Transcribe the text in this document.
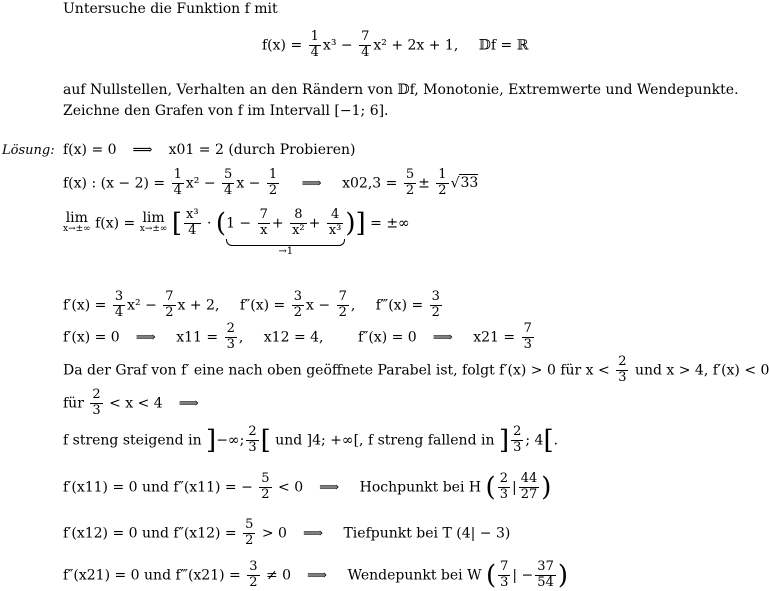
Untersuche die Funktion f mit
$f(x) = \frac{1}{4} x^3 - \frac{7}{4} x^2 + 2x + 1$, 𝔻f = ℝ
auf Nullstellen, Verhalten an den Rändern von 𝔻f, Monotonie, Extremwerte und Wendepunkte.
Zeichne den Grafen von f im Intervall [−1; 6].
Lösung: f(x) = 0 ⟹ x01 = 2 (durch Probieren)
f(x) : $(x - 2) = \frac{1}{4} x^2 - \frac{5}{4}$ $x - \frac{1}{2}$ ⟹ $x02,3 = \frac{5}{2} \pm \frac{1}{2} √33$
lim
x→±∞ f(x) = lim
x→±∞ [ $\frac{\text{x³}}{4} \cdot (1 - \frac{7}{x} + \frac{8}{\text{x²}} + \frac{4}{\text{x³}}$
→1
)] = ±∞
$f'(x) = \frac{3}{4} x^2 - \frac{7}{2}$ x + 2, $f''(x) = \frac{3}{2}$ $x - \frac{7}{2}$ , f‴(x) = $\frac{3}{2}$
f′(x) = 0 ⟹ $x11 = \frac{2}{3}$ , x12 = 4, f″(x) = 0 ⟹ $x21 = \frac{7}{3}$
Da der Graf von f′ eine nach oben geöffnete Parabel ist, folgt f′(x) > 0 für $x < \frac{2}{3}$ und x > 4, f′(x) < 0
für $\frac{2}{3} < x < 4$ ⟹
f streng steigend in ]−∞; $\frac{2}{3}$ [ und ]4; +∞[, f streng fallend in ] $\frac{2}{3}$ ; 4[.
f′(x11) = 0 und f″(x11) = − $\frac{5}{2} < 0$ ⟹ Hochpunkt bei H ( $\frac{2}{3}$ | $\frac{44}{27}$ )
f′(x12) = 0 und $f''(x12) = \frac{5}{2} > 0$ ⟹ Tiefpunkt bei T (4| − 3)
f″(x21) = 0 und f‴(x21) = $\frac{3}{2} \ne 0$ ⟹ Wendepunkt bei W ( $\frac{7}{3}$ | − $\frac{37}{54}$ )
